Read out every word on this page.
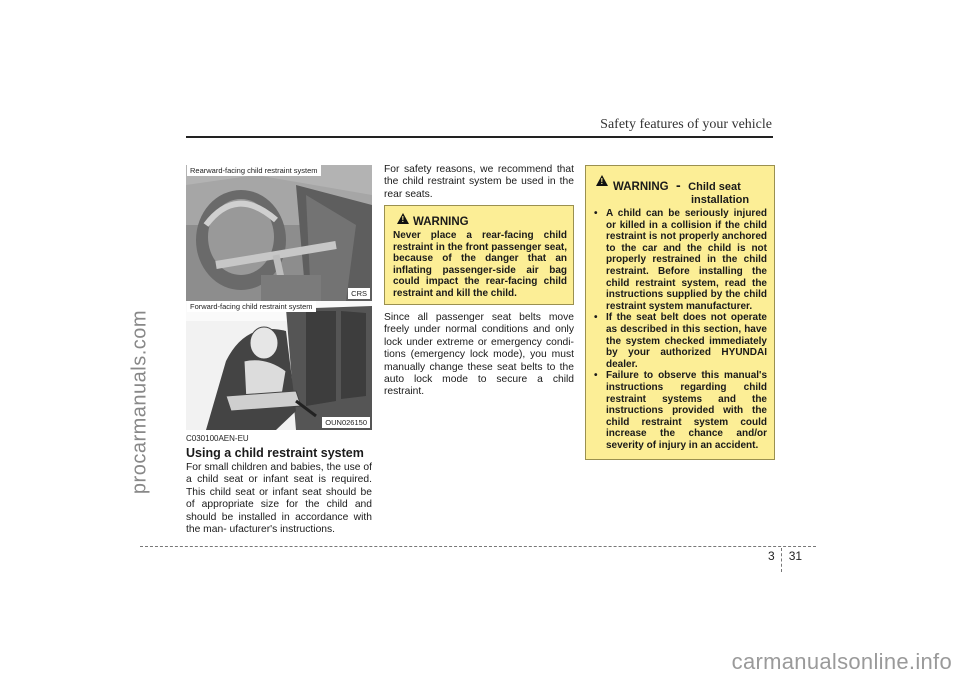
procarmanuals.com
carmanualsonline.info
Safety features of your vehicle
Rearward-facing child restraint system
CRS
Forward-facing child restraint system
OUN026150
C030100AEN-EU
Using a child restraint system
For small children and babies, the use of a child seat or infant seat is required. This child seat or infant seat should be of appropriate size for the child and should be installed in accordance with the man- ufacturer's instructions.
For safety reasons, we recommend that the child restraint system be used in the rear seats.
!
WARNING
Never place a rear-facing child restraint in the front passenger seat, because of the danger that an inflating passenger-side air bag could impact the rear-facing child restraint and kill the child.
Since all passenger seat belts move freely under normal conditions and only lock under extreme or emergency condi- tions (emergency lock mode), you must manually change these seat belts to the auto lock mode to secure a child restraint.
!
WARNING - Child seat
installation
• A child can be seriously injured or killed in a collision if the child restraint is not properly anchored to the car and the child is not properly restrained in the child restraint. Before installing the child restraint system, read the instructions supplied by the child restraint system manufacturer.
• If the seat belt does not operate as described in this section, have the system checked immediately by your authorized HYUNDAI dealer.
• Failure to observe this manual's instructions regarding child restraint systems and the instructions provided with the child restraint system could increase the chance and/or severity of injury in an accident.
3 31
